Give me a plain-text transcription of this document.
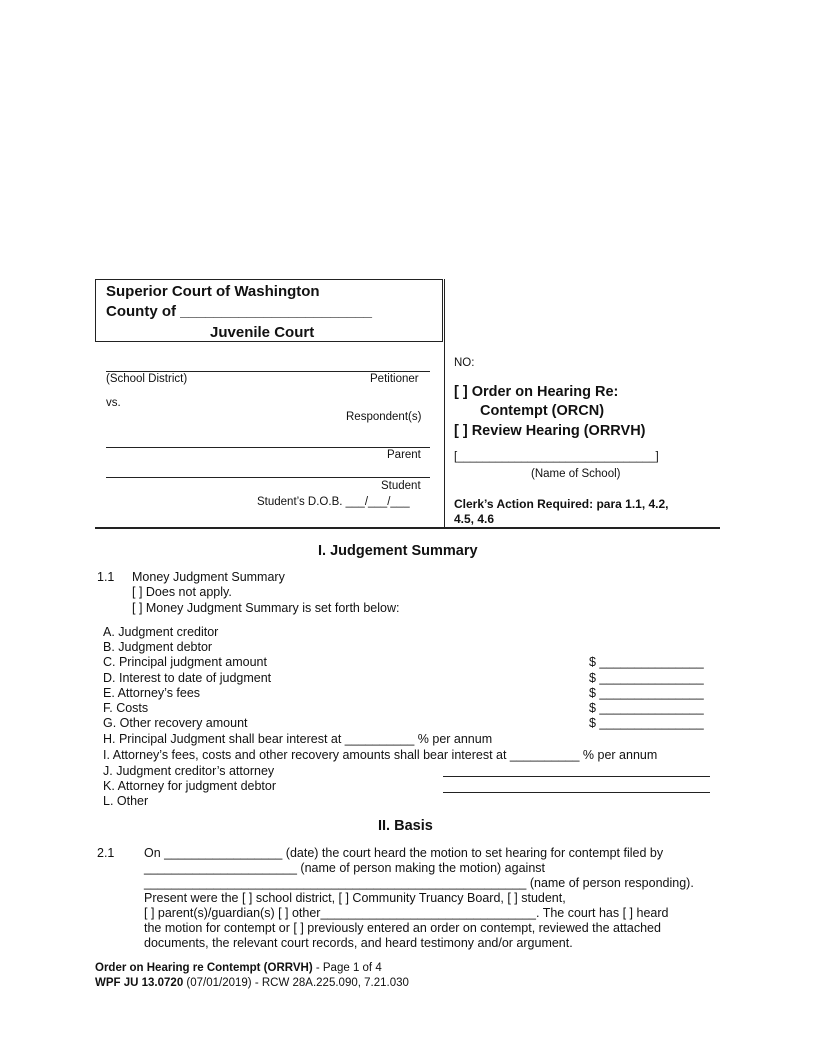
Superior Court of Washington
County of _______________________
Juvenile Court
(School District)	Petitioner
vs.
Respondent(s)
Parent
Student
Student’s D.O.B. ___/___/___
NO:
[ ] Order on Hearing Re:
Contempt (ORCN)
[ ] Review Hearing (ORRVH)
[_______________________________]
(Name of School)
Clerk’s Action Required: para 1.1, 4.2,
4.5, 4.6
I. Judgement Summary
1.1 Money Judgment Summary
[ ] Does not apply.
[ ] Money Judgment Summary is set forth below:
A. Judgment creditor
B. Judgment debtor
C. Principal judgment amount	$ _______________
D. Interest to date of judgment	$ _______________
E. Attorney’s fees	$ _______________
F. Costs	$ _______________
G. Other recovery amount	$ _______________
H. Principal Judgment shall bear interest at __________ % per annum
I. Attorney’s fees, costs and other recovery amounts shall bear interest at __________ % per annum
J. Judgment creditor’s attorney
K. Attorney for judgment debtor
L. Other
II. Basis
2.1 On _________________ (date) the court heard the motion to set hearing for contempt filed by
______________________ (name of person making the motion) against
_______________________________________________________ (name of person responding).
Present were the [ ] school district, [ ] Community Truancy Board, [ ] student,
[ ] parent(s)/guardian(s) [ ] other_______________________________. The court has [ ] heard
the motion for contempt or [ ] previously entered an order on contempt, reviewed the attached
documents, the relevant court records, and heard testimony and/or argument.
Order on Hearing re Contempt (ORRVH) - Page 1 of 4
WPF JU 13.0720 (07/01/2019) - RCW 28A.225.090, 7.21.030
